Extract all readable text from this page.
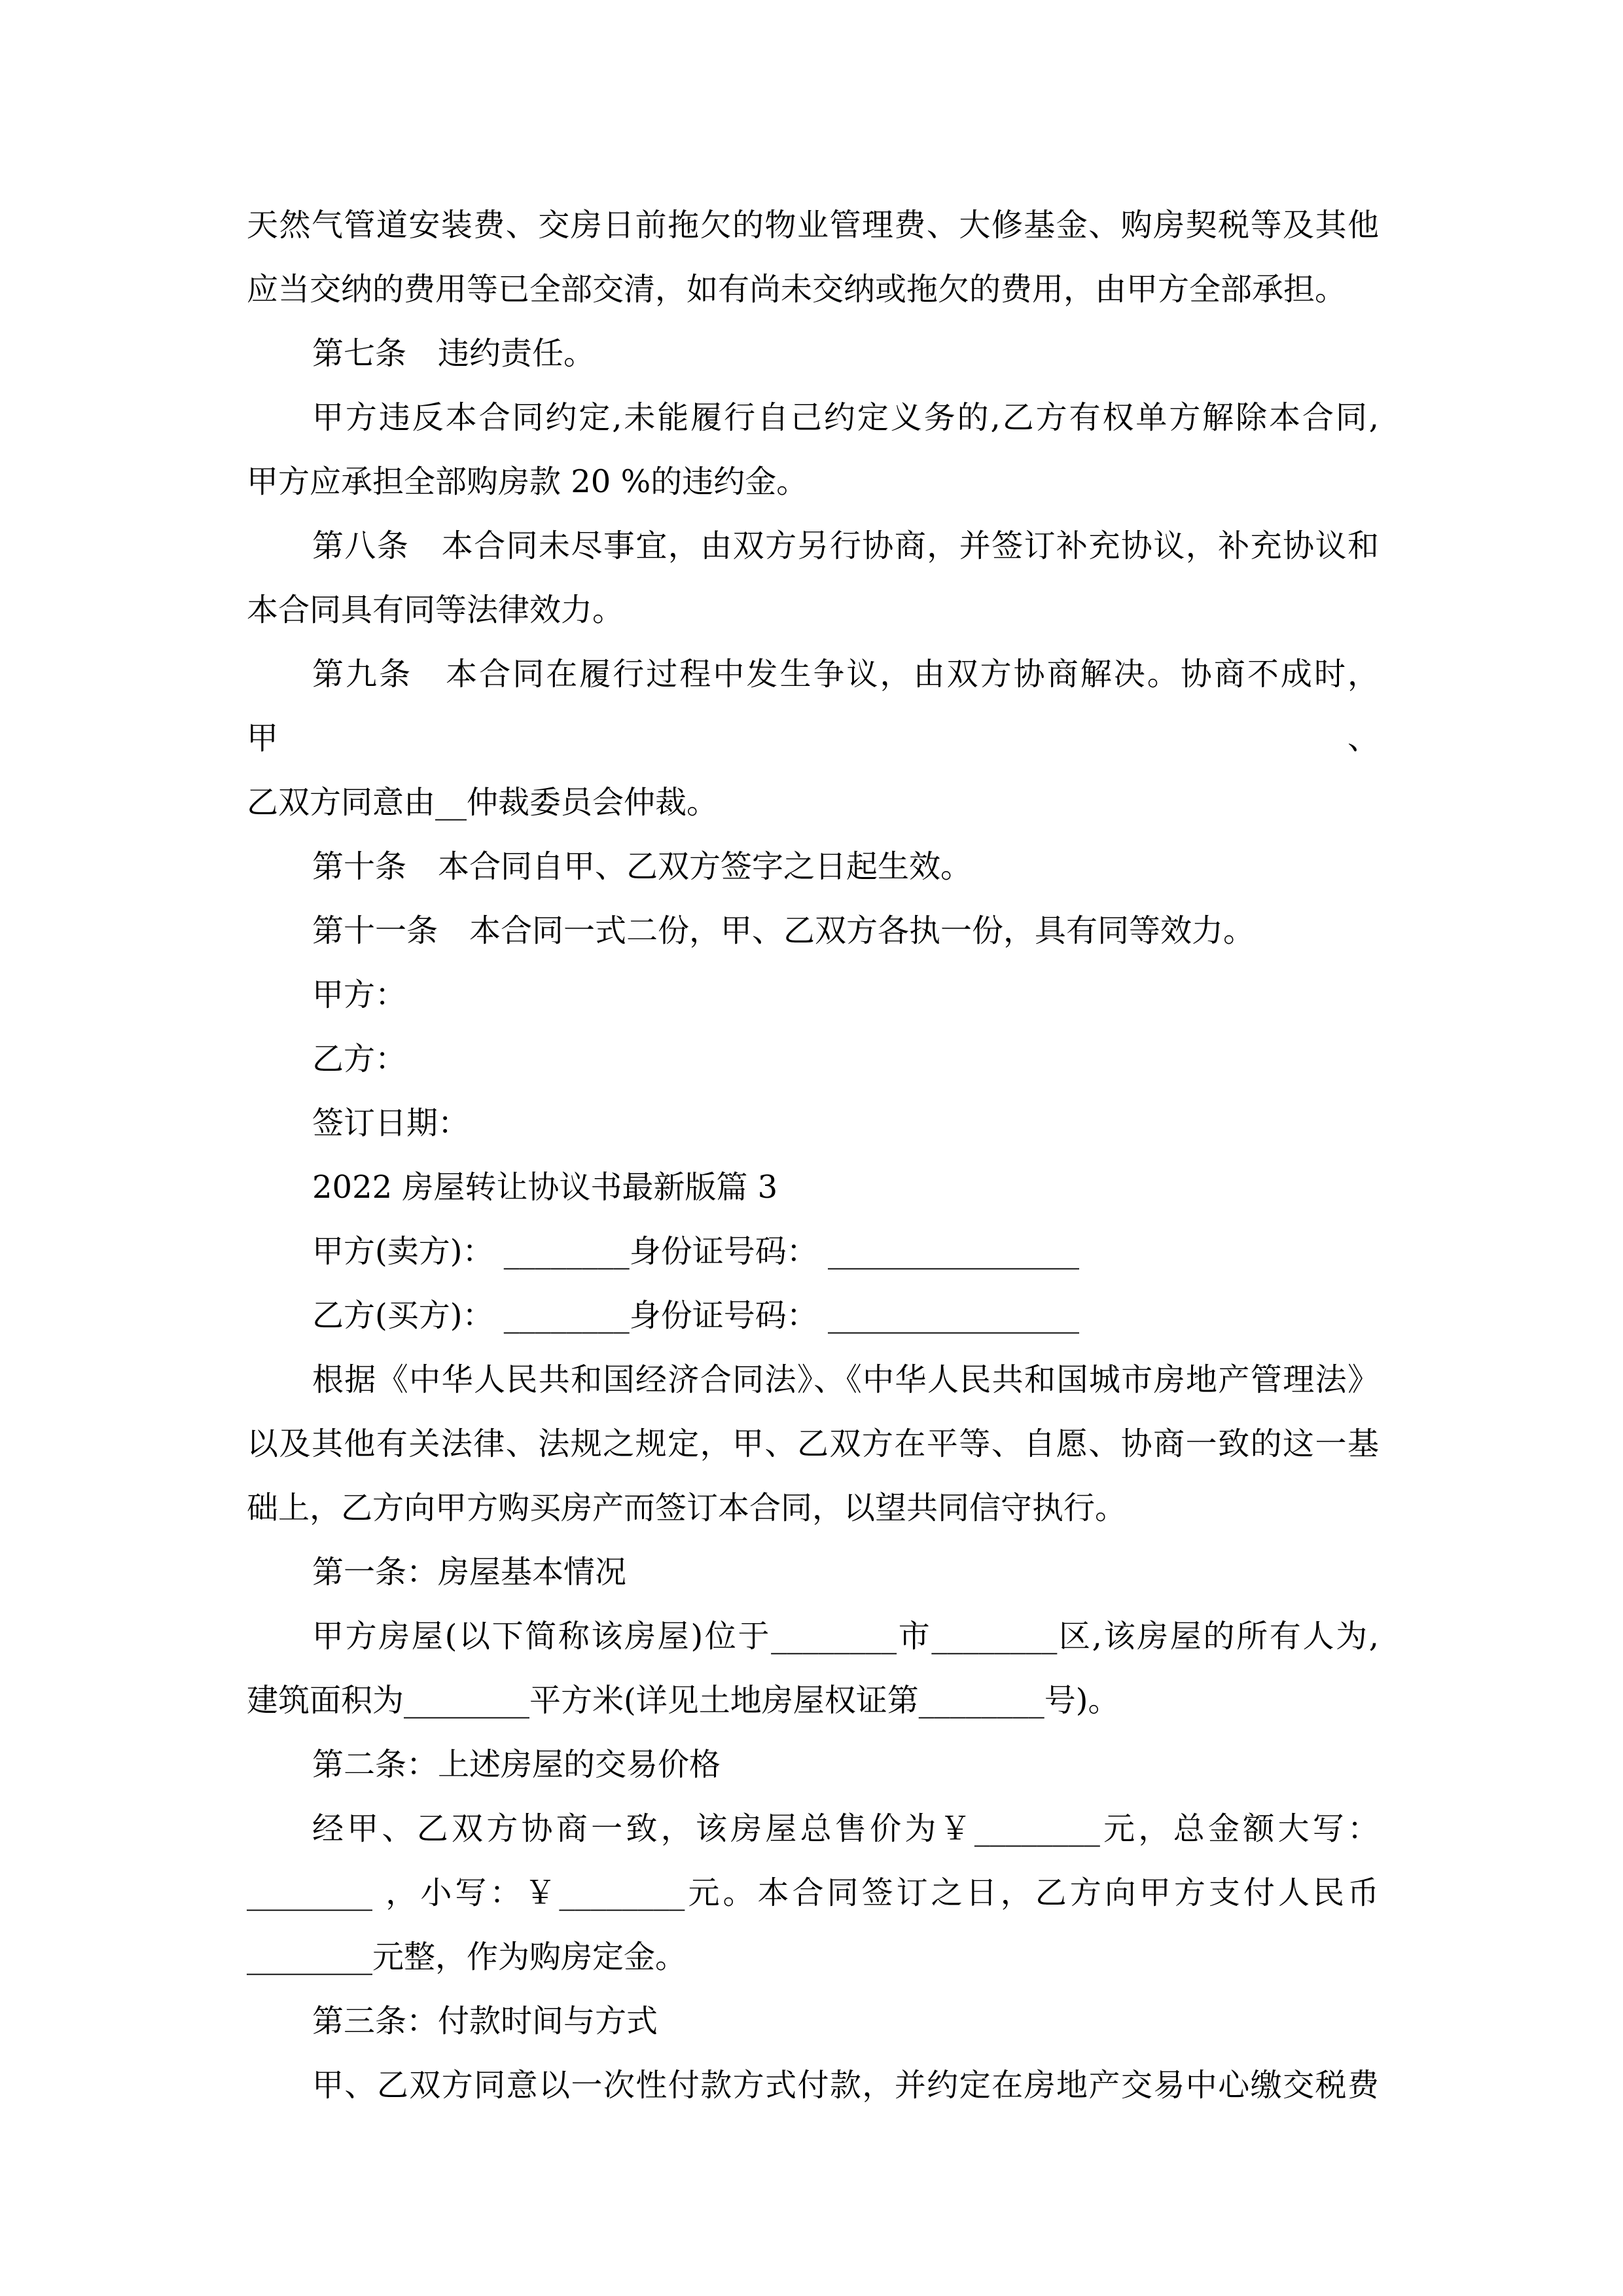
天然气管道安装费、交房日前拖欠的物业管理费、大修基金、购房契税等及其他
应当交纳的费用等已全部交清，如有尚未交纳或拖欠的费用，由甲方全部承担。
第七条　违约责任。
甲方违反本合同约定,未能履行自己约定义务的,乙方有权单方解除本合同,
甲方应承担全部购房款 20 %的违约金。
第八条　本合同未尽事宜，由双方另行协商，并签订补充协议，补充协议和
本合同具有同等法律效力。
第九条　本合同在履行过程中发生争议，由双方协商解决。协商不成时，甲、
乙双方同意由__仲裁委员会仲裁。
第十条　本合同自甲、乙双方签字之日起生效。
第十一条　本合同一式二份，甲、乙双方各执一份，具有同等效力。
甲方：
乙方：
签订日期：
2022 房屋转让协议书最新版篇 3
甲方(卖方)： ________身份证号码： ________________
乙方(买方)： ________身份证号码： ________________
根据《中华人民共和国经济合同法》、《中华人民共和国城市房地产管理法》
以及其他有关法律、法规之规定，甲、乙双方在平等、自愿、协商一致的这一基
础上，乙方向甲方购买房产而签订本合同，以望共同信守执行。
第一条：房屋基本情况
甲方房屋(以下简称该房屋)位于________市________区,该房屋的所有人为,
建筑面积为________平方米(详见土地房屋权证第________号)。
第二条：上述房屋的交易价格
经甲、乙双方协商一致，该房屋总售价为￥________元，总金额大写：
________ ，小写：￥________元。本合同签订之日，乙方向甲方支付人民币
________元整，作为购房定金。
第三条：付款时间与方式
甲、乙双方同意以一次性付款方式付款，并约定在房地产交易中心缴交税费
